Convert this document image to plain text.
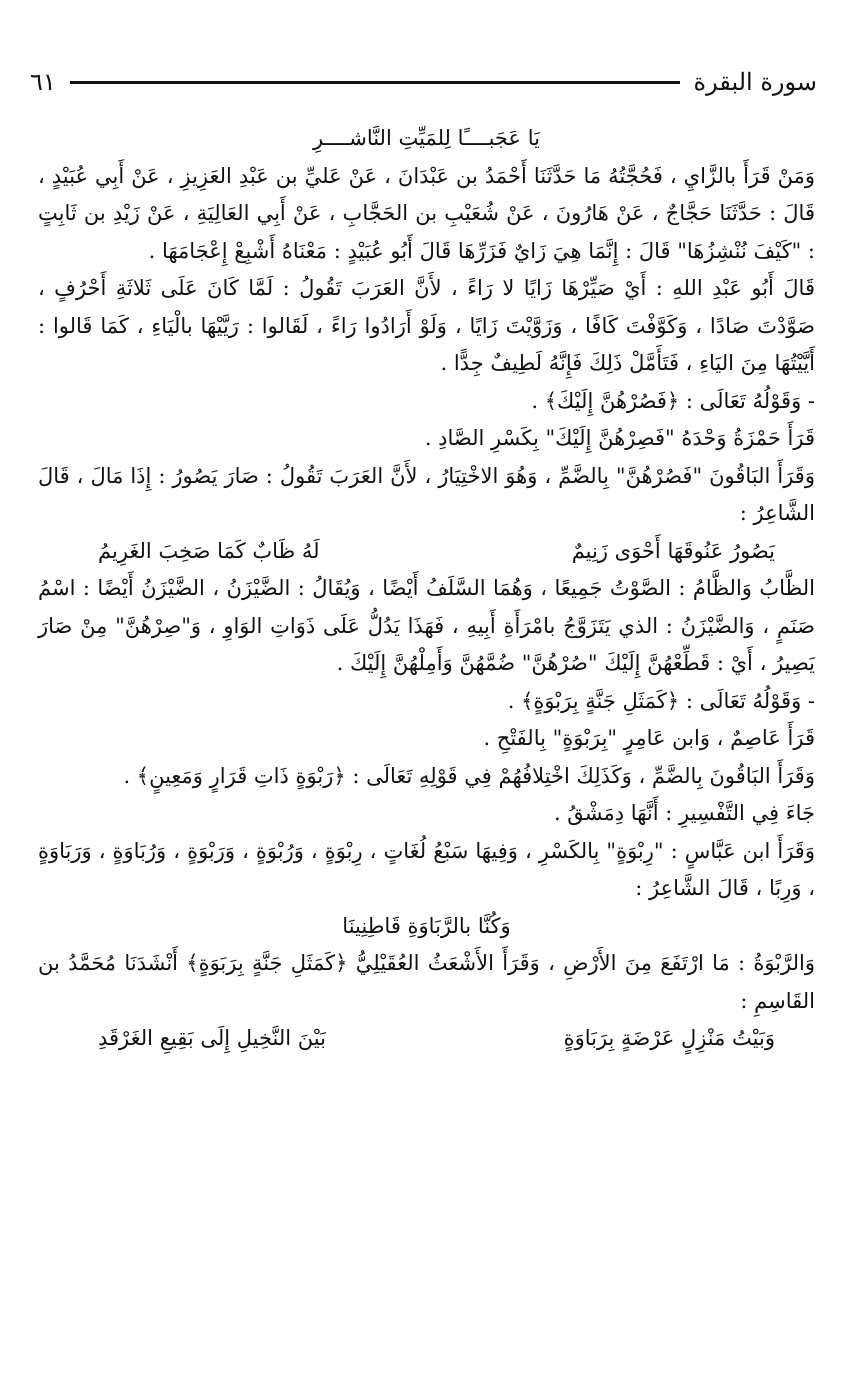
سورة البقرة
٦١

يَا عَجَبــــًا لِلمَيِّتِ النَّاشــــرِ

وَمَنْ قَرَأَ بالزَّايِ ، فَحُجَّتُهُ مَا حَدَّثَنَا أَحْمَدُ بن عَبْدَانَ ، عَنْ عَليِّ بن عَبْدِ العَزِيزِ ، عَنْ أَبِي عُبَيْدٍ ، قَالَ : حَدَّثَنَا حَجَّاجٌ ، عَنْ هَارُونَ ، عَنْ شُعَيْبِ بن الحَجَّابِ ، عَنْ أَبِي العَالِيَةِ ، عَنْ زَيْدِ بن ثَابِتٍ : "كَيْفَ نُنْشِزُهَا" قَالَ : إِنَّمَا هِيَ زَايٌ فَزَرِّهَا قَالَ أَبُو عُبَيْدٍ : مَعْنَاهُ أَشْبِعْ إِعْجَامَهَا .

قَالَ أَبُو عَبْدِ اللهِ : أَيْ صَيِّرْهَا زَايًا لا رَاءً ، لأَنَّ العَرَبَ تَقُولُ : لَمَّا كَانَ عَلَى ثَلاثَةِ أَحْرُفٍ ، صَوَّدْتَ صَادًا ، وَكَوَّفْتَ كَافًا ، وَزَوَّيْتَ زَايًا ، وَلَوْ أَرَادُوا رَاءً ، لَقَالوا : رَيَّيْهَا بالْيَاءِ ، كَمَا قَالوا : أَيَّيْتُهَا مِنَ اليَاءِ ، فَتَأَمَّلْ ذَلِكَ فَإِنَّهُ لَطِيفٌ جِدًّا .

- وَقَوْلُهُ تَعَالَى : ﴿فَصُرْهُنَّ إِلَيْكَ﴾ .

قَرَأَ حَمْزَةُ وَحْدَهُ "فَصِرْهُنَّ إِلَيْكَ" بِكَسْرِ الصَّادِ .

وَقَرَأَ البَاقُونَ "فَصُرْهُنَّ" بِالضَّمِّ ، وَهُوَ الاخْتِيَارُ ، لأَنَّ العَرَبَ تَقُولُ : صَارَ يَصُورُ : إِذَا مَالَ ، قَالَ الشَّاعِرُ :

يَصُورُ عَنُوقَهَا أَحْوَى زَنِيمٌ
لَهُ ظَابٌ كَمَا صَخِبَ الغَرِيمُ

الظَّابُ وَالظَّامُ : الصَّوْتُ جَمِيعًا ، وَهُمَا السَّلَفُ أَيْضًا ، وَيُقَالُ : الضَّيْزَنُ ، الضَّيْزَنُ أَيْضًا : اسْمُ صَنَمٍ ، وَالضَّيْزَنُ : الذي يَتَزَوَّجُ بامْرَأَةِ أَبِيهِ ، فَهَذَا يَدُلُّ عَلَى ذَوَاتِ الوَاوِ ، وَ"صِرْهُنَّ" مِنْ صَارَ يَصِيرُ ، أَيْ : قَطِّعْهُنَّ إِلَيْكَ "صُرْهُنَّ" ضُمَّهُنَّ وَأَمِلْهُنَّ إِلَيْكَ .

- وَقَوْلُهُ تَعَالَى : ﴿كَمَثَلِ جَنَّةٍ بِرَبْوَةٍ﴾ .

قَرَأَ عَاصِمٌ ، وَابن عَامِرٍ "بِرَبْوَةٍ" بِالفَتْحِ .

وَقَرَأَ البَاقُونَ بِالضَّمِّ ، وَكَذَلِكَ اخْتِلافُهُمْ فِي قَوْلِهِ تَعَالَى : ﴿رَبْوَةٍ ذَاتِ قَرَارٍ وَمَعِينٍ﴾ .

جَاءَ فِي التَّفْسِيرِ : أَنَّهَا دِمَشْقُ .

وَقَرَأَ ابن عَبَّاسٍ : "رِبْوَةٍ" بِالكَسْرِ ، وَفِيهَا سَبْعُ لُغَاتٍ ، رِبْوَةٍ ، وَرُبْوَةٍ ، وَرَبْوَةٍ ، وَرُبَاوَةٍ ، وَرَبَاوَةٍ ، وَرِبًا ، قَالَ الشَّاعِرُ :

وَكُنَّا بالرَّبَاوَةِ قَاطِنِينَا

وَالرَّبْوَةُ : مَا ارْتَفَعَ مِنَ الأَرْضِ ، وَقَرَأَ الأَشْعَثُ العُقَيْلِيُّ ﴿كَمَثَلِ جَنَّةٍ بِرَبَوَةٍ﴾ أَنْشَدَنَا مُحَمَّدُ بن القَاسِمِ :

وَبَيْتُ مَنْزِلٍ عَرْضَةٍ بِرَبَاوَةٍ
بَيْنَ النَّخِيلِ إِلَى بَقِيعِ الغَرْقَدِ
